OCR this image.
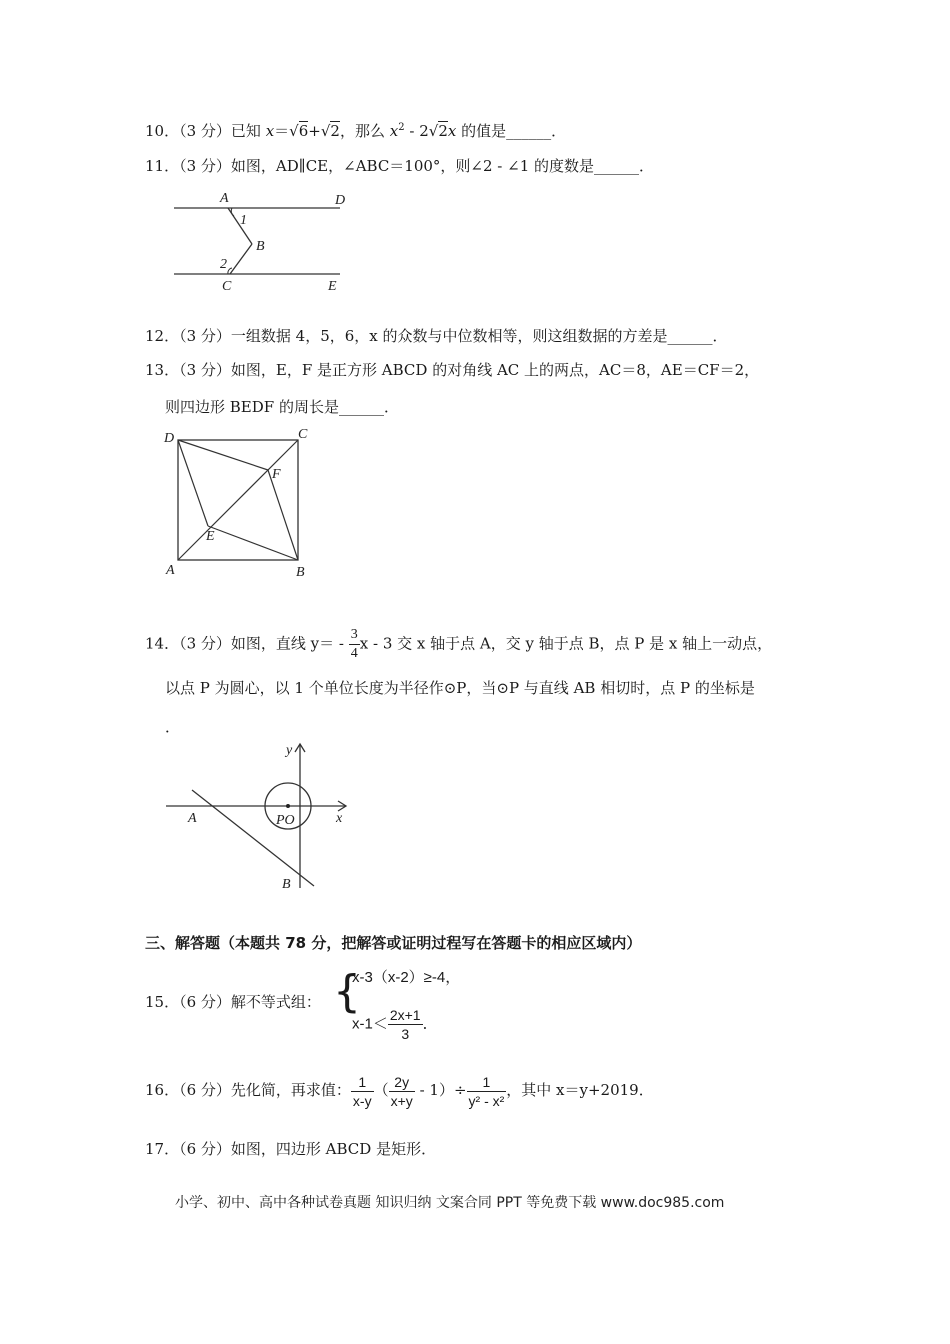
10．（3 分）已知 x＝√6+√2，那么 $x^2 - 2√2x$ 的值是______．
11．（3 分）如图，AD∥CE，∠ABC＝100°，则∠2 - ∠1 的度数是______．
A	D
1
B
2
C	E
12．（3 分）一组数据 4，5，6，x 的众数与中位数相等，则这组数据的方差是______．
13．（3 分）如图，E，F 是正方形 ABCD 的对角线 AC 上的两点，AC＝8，AE＝CF＝2，
则四边形 BEDF 的周长是______．
D	C
F
E
A	B
14．（3 分）如图，直线 $y= - \frac{3}{4}$ x - 3 交 x 轴于点 A，交 y 轴于点 B，点 P 是 x 轴上一动点，
以点 P 为圆心，以 1 个单位长度为半径作⊙P，当⊙P 与直线 AB 相切时，点 P 的坐标是
．
y
x
A	PO
B
三、解答题（本题共 78 分，把解答或证明过程写在答题卡的相应区域内）
15．（6 分）解不等式组： {
x-3（x-2）≥-4，
$x-1< \frac{2x+1}{3}$ ．
16．（6 分）先化简，再求值： $\frac{1}{x-y}$ （ $\frac{2y}{x+y} - 1)\div \frac{1}{\text{y² - x²}}$ ，其中 x＝y+2019．
17．（6 分）如图，四边形 ABCD 是矩形．
小学、初中、高中各种试卷真题 知识归纳 文案合同 PPT 等免费下载 www.doc985.com
